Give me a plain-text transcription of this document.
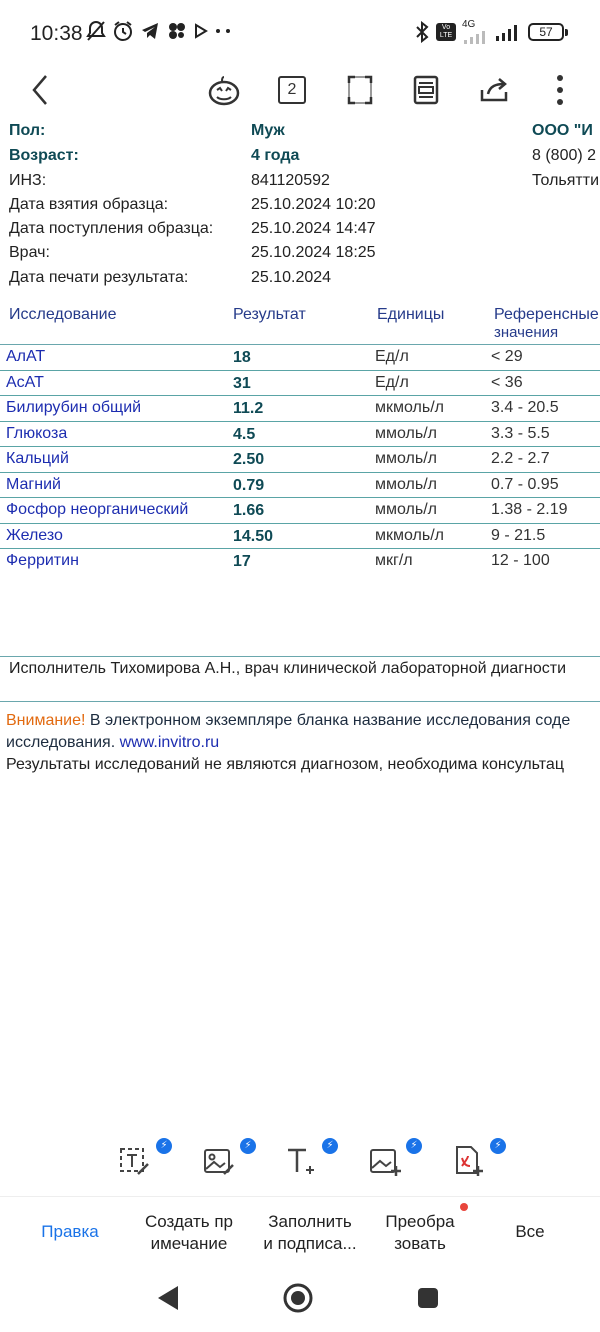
10:38	Vo LTE
4G
57
2
Пол:	Муж
Возраст:	4 года
ИНЗ:	841120592
Дата взятия образца:	25.10.2024 10:20
Дата поступления образца: 25.10.2024 14:47
Врач:	25.10.2024 18:25
Дата печати результата:	25.10.2024
ООО "И
8 (800) 2
Тольятти
Исследование	Результат	Единицы	Референсные
значения
АлАТ	18	Ед/л	< 29
АсАТ	31	Ед/л	< 36
Билирубин общий	11.2	мкмоль/л	3.4 - 20.5
Глюкоза	4.5	ммоль/л	3.3 - 5.5
Кальций	2.50	ммоль/л	2.2 - 2.7
Магний	0.79	ммоль/л	0.7 - 0.95
Фосфор неорганический	1.66	ммоль/л	1.38 - 2.19
Железо	14.50	мкмоль/л	9 - 21.5
Ферритин	17	мкг/л	12 - 100
Исполнитель Тихомирова А.Н., врач клинической лабораторной диагности
Внимание! В электронном экземпляре бланка название исследования соде
исследования. www.invitro.ru
Результаты исследований не являются диагнозом, необходима консультац
⚡	⚡	⚡	⚡	⚡
Правка
Создать пр
имечание
Заполнить
и подписа...
Преобра
зовать
Все
